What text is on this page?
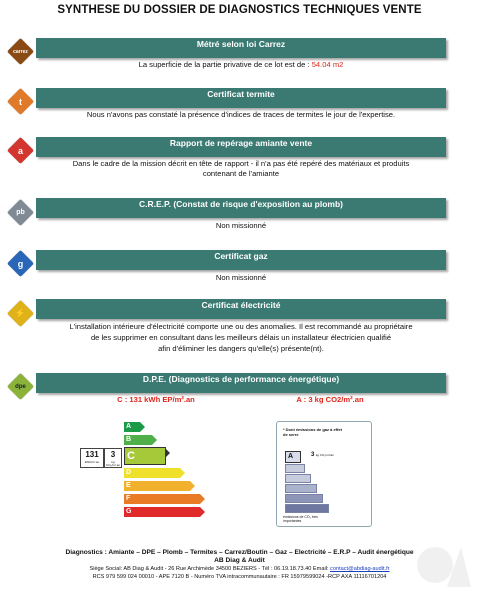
SYNTHESE DU DOSSIER DE DIAGNOSTICS TECHNIQUES VENTE
carrez
Métré selon loi Carrez
La superficie de la partie privative de ce lot est de : 54.04 m2
t
Certificat termite
Nous n'avons pas constaté la présence d'indices de traces de termites le jour de l'expertise.
a
Rapport de repérage amiante vente
Dans le cadre de la mission décrit en tête de rapport - il n'a pas été repéré des matériaux et produits
contenant de l'amiante
pb
C.R.E.P. (Constat de risque d'exposition au plomb)
Non missionné
g
Certificat gaz
Non missionné
⚡
Certificat électricité
L'installation intérieure d'électricité comporte une ou des anomalies. Il est recommandé au propriétaire
de les supprimer en consultant dans les meilleurs délais un installateur électricien qualifié
afin d'éliminer les dangers qu'elle(s) présente(nt).
dpe
D.P.E. (Diagnostics de performance énergétique)
C : 131 kWh EP/m².an	A : 3 kg CO2/m².an
131
kWh/m².an
3
kg CO₂/m².an
A
B
C
D
E
F
G
* Dont émissions de gaz à effet de serre
A	3 kg CO₂/m²/an
émissions de CO₂ très importantes
Diagnostics : Amiante – DPE – Plomb – Termites – Carrez/Boutin – Gaz – Electricité – E.R.P – Audit énergétique
AB Diag & Audit
Siège Social: AB Diag & Audit - 26 Rue Archimède 34500 BEZIERS - Tél : 06.19.18.73.40 Email: contact@abdiag-audit.fr
RCS 979 599 024 00010 - APE 7120 B - Numéro TVA intracommunautaire : FR 15979599024 -RCP AXA 11116701204
